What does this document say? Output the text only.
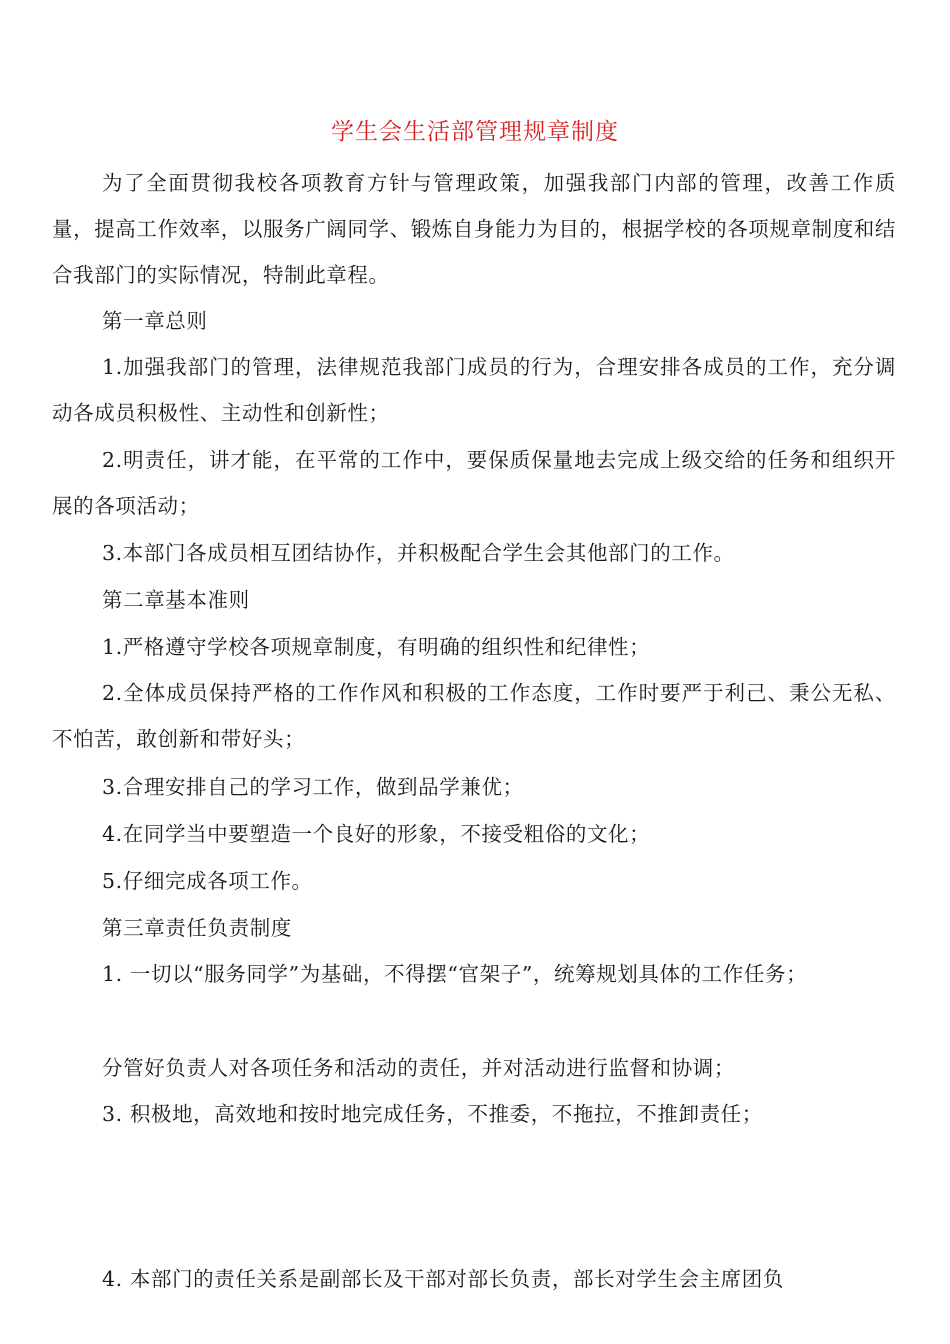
学生会生活部管理规章制度
为了全面贯彻我校各项教育方针与管理政策，加强我部门内部的管理，改善工作质量，提高工作效率，以服务广阔同学、锻炼自身能力为目的，根据学校的各项规章制度和结合我部门的实际情况，特制此章程。
第一章总则
1.加强我部门的管理，法律规范我部门成员的行为，合理安排各成员的工作，充分调动各成员积极性、主动性和创新性；
2.明责任，讲才能，在平常的工作中，要保质保量地去完成上级交给的任务和组织开展的各项活动；
3.本部门各成员相互团结协作，并积极配合学生会其他部门的工作。
第二章基本准则
1.严格遵守学校各项规章制度，有明确的组织性和纪律性；
2.全体成员保持严格的工作作风和积极的工作态度，工作时要严于利己、秉公无私、不怕苦，敢创新和带好头；
3.合理安排自己的学习工作，做到品学兼优；
4.在同学当中要塑造一个良好的形象，不接受粗俗的文化；
5.仔细完成各项工作。
第三章责任负责制度
1. 一切以“服务同学”为基础，不得摆“官架子”，统筹规划具体的工作任务；
分管好负责人对各项任务和活动的责任，并对活动进行监督和协调；
3. 积极地，高效地和按时地完成任务，不推委，不拖拉，不推卸责任；
4. 本部门的责任关系是副部长及干部对部长负责，部长对学生会主席团负
